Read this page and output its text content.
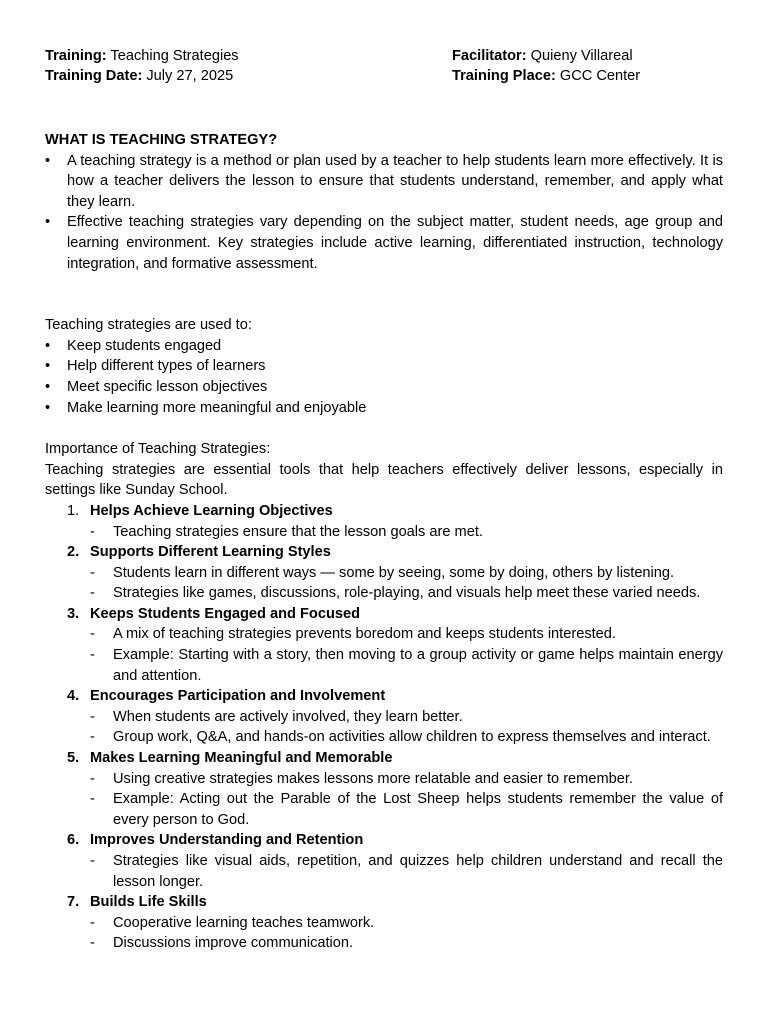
Training: Teaching Strategies	Facilitator: Quieny Villareal
Training Date: July 27, 2025	Training Place: GCC Center
WHAT IS TEACHING STRATEGY?
• A teaching strategy is a method or plan used by a teacher to help students learn more effectively. It is how a teacher delivers the lesson to ensure that students understand, remember, and apply what they learn.
• Effective teaching strategies vary depending on the subject matter, student needs, age group and learning environment. Key strategies include active learning, differentiated instruction, technology integration, and formative assessment.
Teaching strategies are used to:
• Keep students engaged
• Help different types of learners
• Meet specific lesson objectives
• Make learning more meaningful and enjoyable
Importance of Teaching Strategies:
Teaching strategies are essential tools that help teachers effectively deliver lessons, especially in settings like Sunday School.
1. Helps Achieve Learning Objectives
- Teaching strategies ensure that the lesson goals are met.
2. Supports Different Learning Styles
- Students learn in different ways — some by seeing, some by doing, others by listening.
- Strategies like games, discussions, role-playing, and visuals help meet these varied needs.
3. Keeps Students Engaged and Focused
- A mix of teaching strategies prevents boredom and keeps students interested.
- Example: Starting with a story, then moving to a group activity or game helps maintain energy and attention.
4. Encourages Participation and Involvement
- When students are actively involved, they learn better.
- Group work, Q&A, and hands-on activities allow children to express themselves and interact.
5. Makes Learning Meaningful and Memorable
- Using creative strategies makes lessons more relatable and easier to remember.
- Example: Acting out the Parable of the Lost Sheep helps students remember the value of every person to God.
6. Improves Understanding and Retention
- Strategies like visual aids, repetition, and quizzes help children understand and recall the lesson longer.
7. Builds Life Skills
- Cooperative learning teaches teamwork.
- Discussions improve communication.
